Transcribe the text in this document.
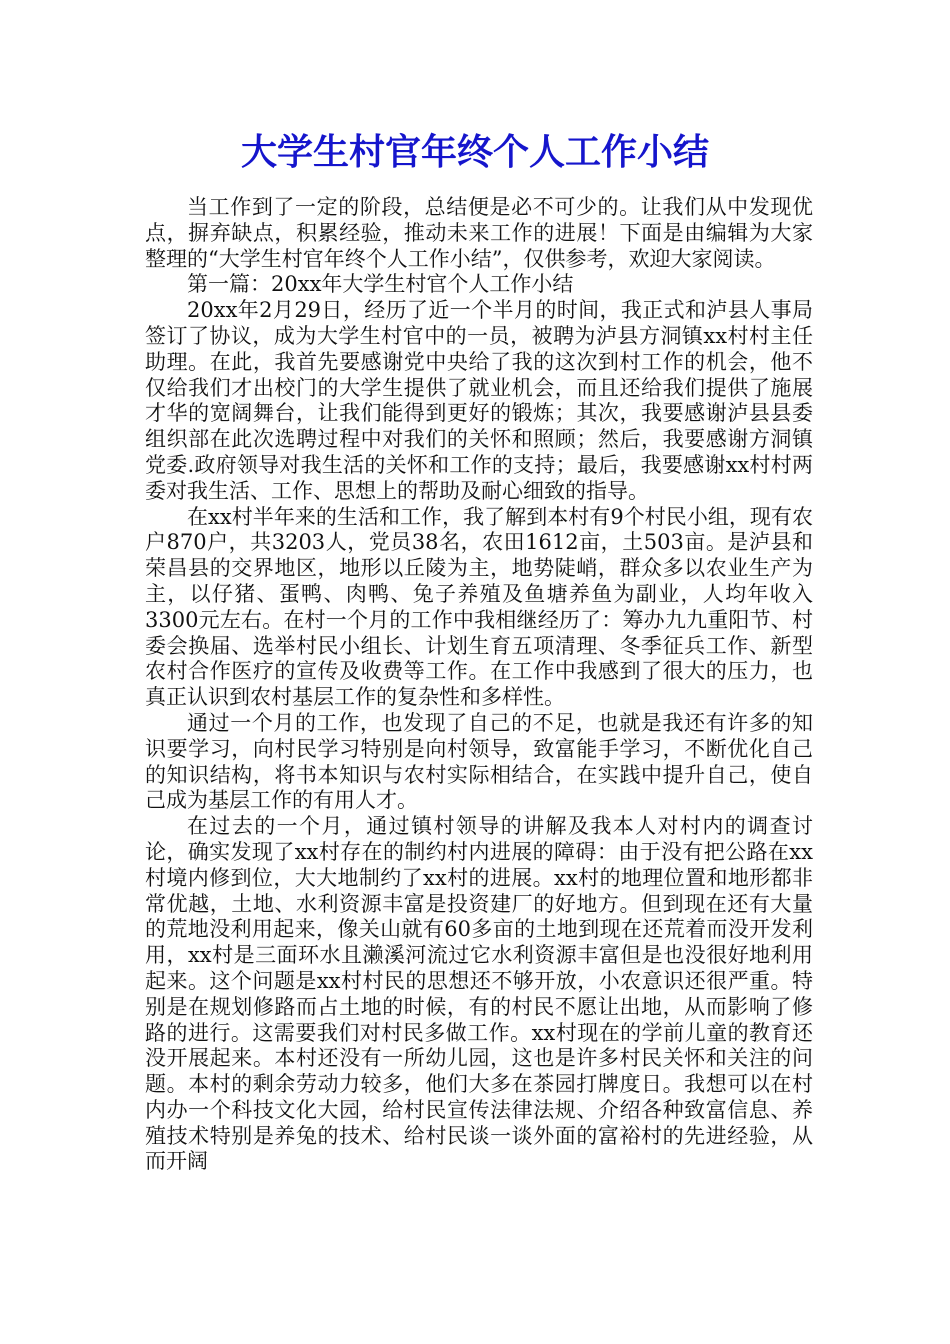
大学生村官年终个人工作小结

当工作到了一定的阶段，总结便是必不可少的。让我们从中发现优点，摒弃缺点，积累经验，推动未来工作的进展！下面是由编辑为大家整理的“大学生村官年终个人工作小结”，仅供参考，欢迎大家阅读。

第一篇：20xx年大学生村官个人工作小结

20xx年2月29日，经历了近一个半月的时间，我正式和泸县人事局签订了协议，成为大学生村官中的一员，被聘为泸县方洞镇xx村村主任助理。在此，我首先要感谢党中央给了我的这次到村工作的机会，他不仅给我们才出校门的大学生提供了就业机会，而且还给我们提供了施展才华的宽阔舞台，让我们能得到更好的锻炼；其次，我要感谢泸县县委组织部在此次选聘过程中对我们的关怀和照顾；然后，我要感谢方洞镇党委.政府领导对我生活的关怀和工作的支持；最后，我要感谢xx村村两委对我生活、工作、思想上的帮助及耐心细致的指导。

在xx村半年来的生活和工作，我了解到本村有9个村民小组，现有农户870户，共3203人，党员38名，农田1612亩，土503亩。是泸县和荣昌县的交界地区，地形以丘陵为主，地势陡峭，群众多以农业生产为主，以仔猪、蛋鸭、肉鸭、兔子养殖及鱼塘养鱼为副业，人均年收入3300元左右。在村一个月的工作中我相继经历了：筹办九九重阳节、村委会换届、选举村民小组长、计划生育五项清理、冬季征兵工作、新型农村合作医疗的宣传及收费等工作。在工作中我感到了很大的压力，也真正认识到农村基层工作的复杂性和多样性。

通过一个月的工作，也发现了自己的不足，也就是我还有许多的知识要学习，向村民学习特别是向村领导，致富能手学习，不断优化自己的知识结构，将书本知识与农村实际相结合，在实践中提升自己，使自己成为基层工作的有用人才。

在过去的一个月，通过镇村领导的讲解及我本人对村内的调查讨论，确实发现了xx村存在的制约村内进展的障碍：由于没有把公路在xx村境内修到位，大大地制约了xx村的进展。xx村的地理位置和地形都非常优越，土地、水利资源丰富是投资建厂的好地方。但到现在还有大量的荒地没利用起来，像关山就有60多亩的土地到现在还荒着而没开发利用，xx村是三面环水且濑溪河流过它水利资源丰富但是也没很好地利用起来。这个问题是xx村村民的思想还不够开放，小农意识还很严重。特别是在规划修路而占土地的时候，有的村民不愿让出地，从而影响了修路的进行。这需要我们对村民多做工作。xx村现在的学前儿童的教育还没开展起来。本村还没有一所幼儿园，这也是许多村民关怀和关注的问题。本村的剩余劳动力较多，他们大多在茶园打牌度日。我想可以在村内办一个科技文化大园，给村民宣传法律法规、介绍各种致富信息、养殖技术特别是养兔的技术、给村民谈一谈外面的富裕村的先进经验，从而开阔
